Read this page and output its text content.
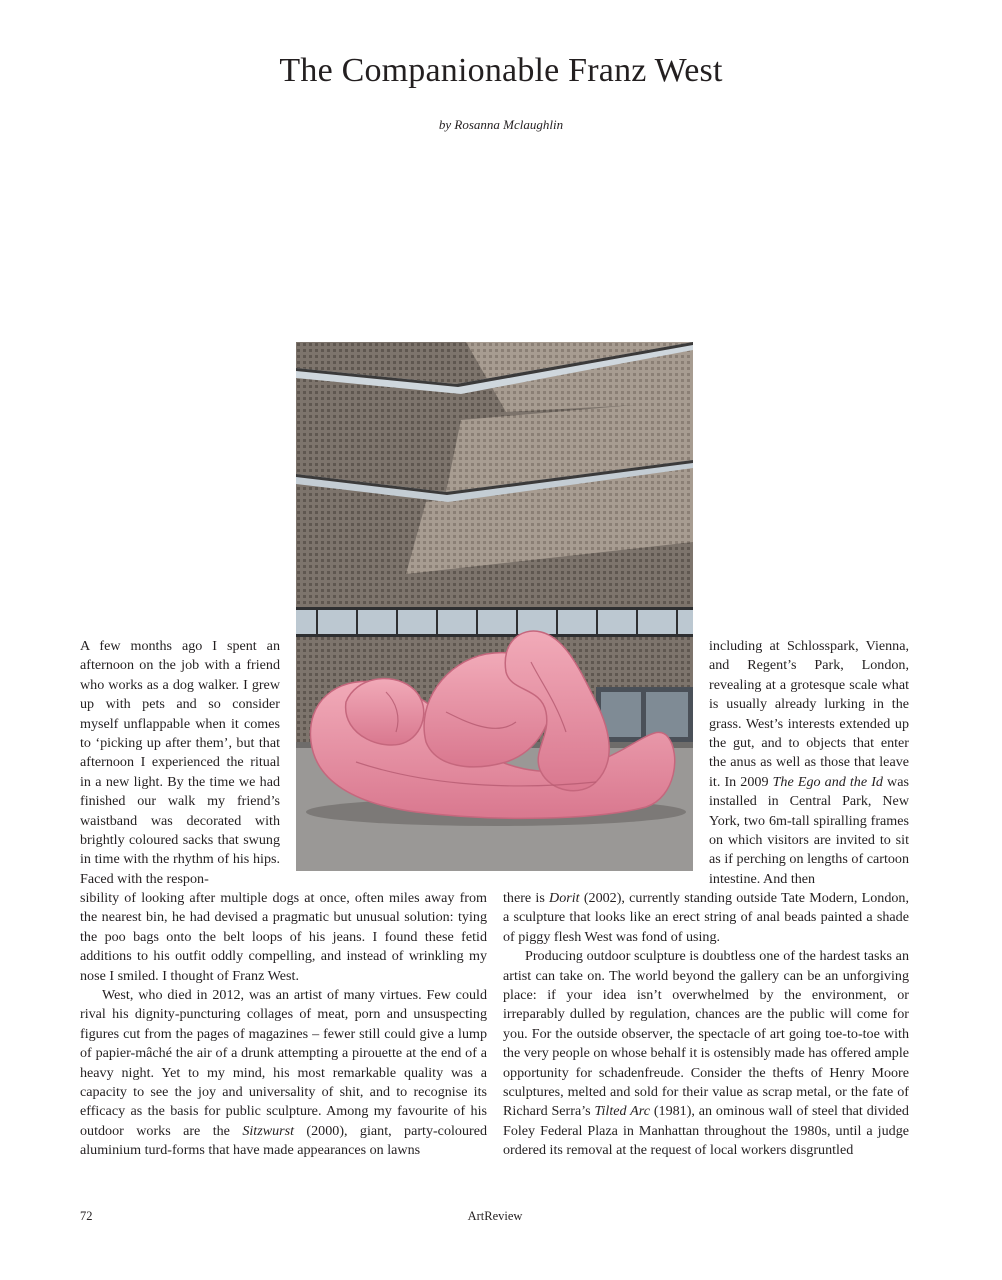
The Companionable Franz West
by Rosanna Mclaughlin

A few months ago I spent an afternoon on the job with a friend who works as a dog walker. I grew up with pets and so consider myself unflappable when it comes to ‘picking up after them’, but that afternoon I experienced the ritual in a new light. By the time we had finished our walk my friend’s waistband was decorated with brightly coloured sacks that swung in time with the rhythm of his hips. Faced with the respon-

including at Schlosspark, Vienna, and Regent’s Park, London, revealing at a grotesque scale what is usually already lurking in the grass. West’s interests extended up the gut, and to objects that enter the anus as well as those that leave it. In 2009 The Ego and the Id was installed in Central Park, New York, two 6m-tall spiralling frames on which visitors are invited to sit as if perching on lengths of cartoon intestine. And then

sibility of looking after multiple dogs at once, often miles away from the nearest bin, he had devised a pragmatic but unusual solution: tying the poo bags onto the belt loops of his jeans. I found these fetid additions to his outfit oddly compelling, and instead of wrinkling my nose I smiled. I thought of Franz West.

West, who died in 2012, was an artist of many virtues. Few could rival his dignity-puncturing collages of meat, porn and unsuspecting figures cut from the pages of magazines – fewer still could give a lump of papier-mâché the air of a drunk attempting a pirouette at the end of a heavy night. Yet to my mind, his most remarkable quality was a capacity to see the joy and universality of shit, and to recognise its efficacy as the basis for public sculpture. Among my favourite of his outdoor works are the Sitzwurst (2000), giant, party-coloured aluminium turd-forms that have made appearances on lawns

there is Dorit (2002), currently standing outside Tate Modern, London, a sculpture that looks like an erect string of anal beads painted a shade of piggy flesh West was fond of using.

Producing outdoor sculpture is doubtless one of the hardest tasks an artist can take on. The world beyond the gallery can be an unforgiving place: if your idea isn’t overwhelmed by the environment, or irreparably dulled by regulation, chances are the public will come for you. For the outside observer, the spectacle of art going toe-to-toe with the very people on whose behalf it is ostensibly made has offered ample opportunity for schadenfreude. Consider the thefts of Henry Moore sculptures, melted and sold for their value as scrap metal, or the fate of Richard Serra’s Tilted Arc (1981), an ominous wall of steel that divided Foley Federal Plaza in Manhattan throughout the 1980s, until a judge ordered its removal at the request of local workers disgruntled

72	ArtReview
